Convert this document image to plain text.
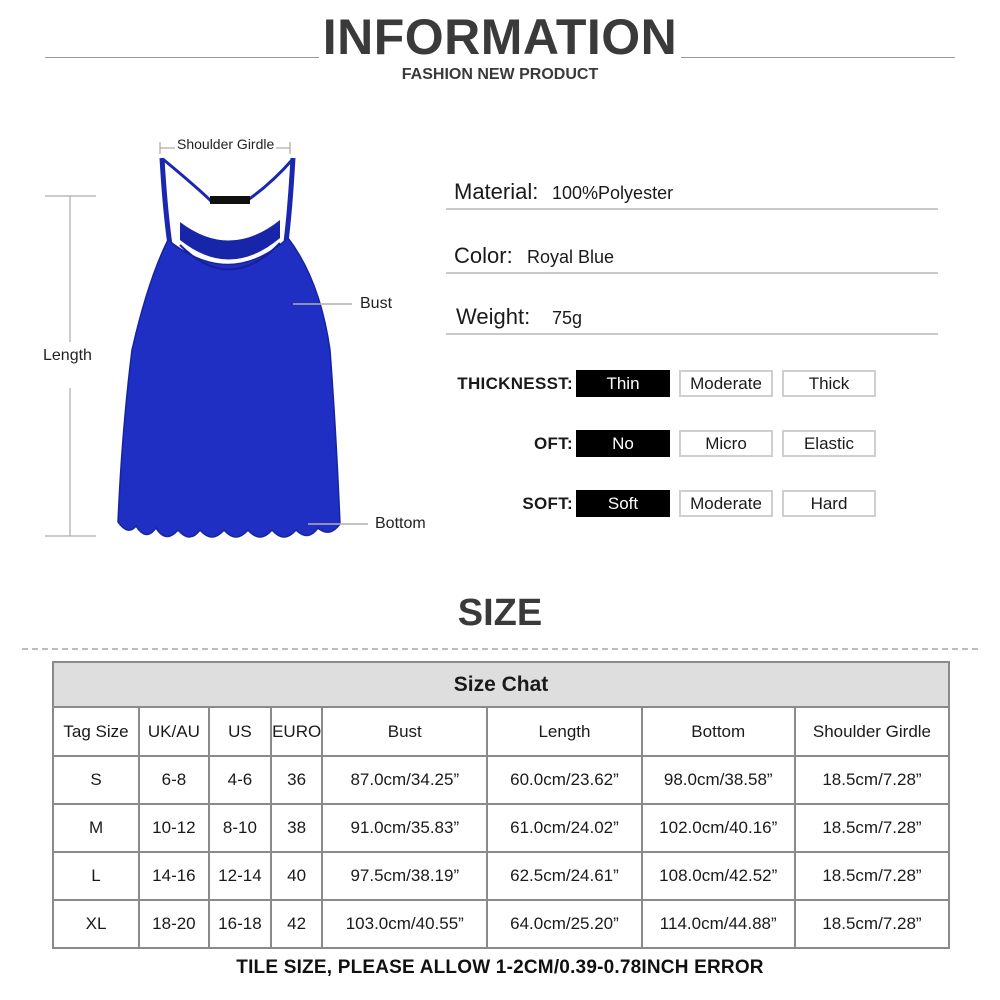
INFORMATION
FASHION NEW PRODUCT
Shoulder Girdle
Length
Bust
Bottom
Material: 100%Polyester
Color: Royal Blue
Weight: 75g
THICKNESST:	Thin	Moderate	Thick
OFT:	No	Micro	Elastic
SOFT:	Soft	Moderate	Hard
SIZE
Size Chat							
Tag Size	UK/AU	US	EURO	Bust	Length	Bottom	Shoulder Girdle
S	6-8	4-6	36	87.0cm/34.25”	60.0cm/23.62”	98.0cm/38.58”	18.5cm/7.28”
M	10-12	8-10	38	91.0cm/35.83”	61.0cm/24.02”	102.0cm/40.16”	18.5cm/7.28”
L	14-16	12-14	40	97.5cm/38.19”	62.5cm/24.61”	108.0cm/42.52”	18.5cm/7.28”
XL	18-20	16-18	42	103.0cm/40.55”	64.0cm/25.20”	114.0cm/44.88”	18.5cm/7.28”
TILE SIZE, PLEASE ALLOW 1-2CM/0.39-0.78INCH ERROR
